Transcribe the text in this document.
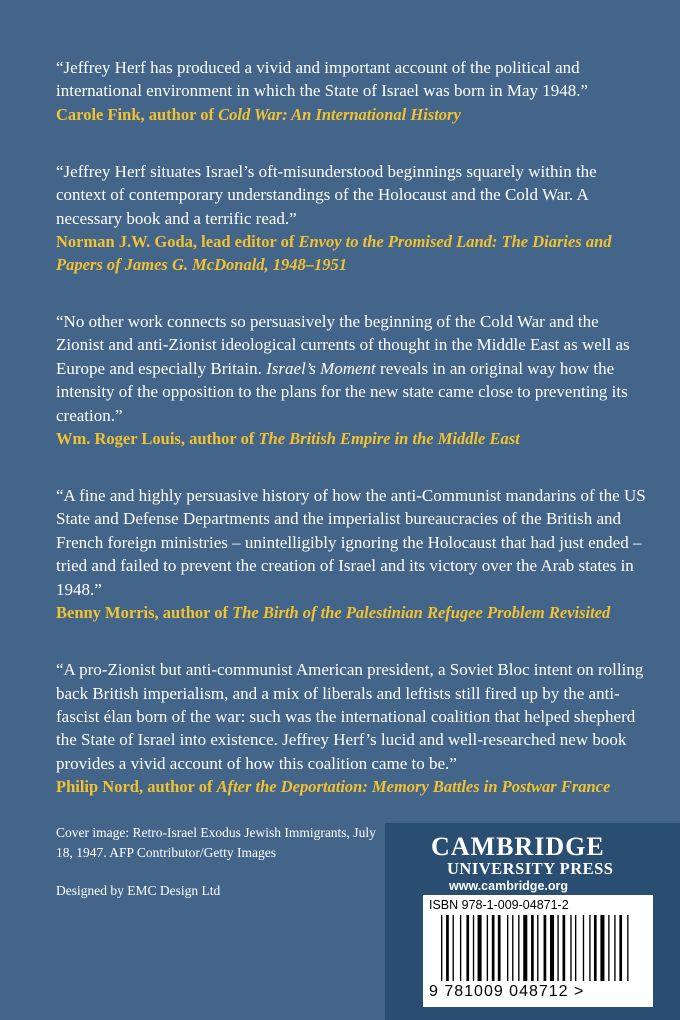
“Jeffrey Herf has produced a vivid and important account of the political and international environment in which the State of Israel was born in May 1948.”

Carole Fink, author of Cold War: An International History

“Jeffrey Herf situates Israel’s oft-misunderstood beginnings squarely within the context of contemporary understandings of the Holocaust and the Cold War. A necessary book and a terrific read.”

Norman J.W. Goda, lead editor of Envoy to the Promised Land: The Diaries and Papers of James G. McDonald, 1948–1951

“No other work connects so persuasively the beginning of the Cold War and the Zionist and anti-Zionist ideological currents of thought in the Middle East as well as Europe and especially Britain. Israel’s Moment reveals in an original way how the intensity of the opposition to the plans for the new state came close to preventing its creation.”

Wm. Roger Louis, author of The British Empire in the Middle East

“A fine and highly persuasive history of how the anti-Communist mandarins of the US State and Defense Departments and the imperialist bureaucracies of the British and French foreign ministries – unintelligibly ignoring the Holocaust that had just ended – tried and failed to prevent the creation of Israel and its victory over the Arab states in 1948.”

Benny Morris, author of The Birth of the Palestinian Refugee Problem Revisited

“A pro-Zionist but anti-communist American president, a Soviet Bloc intent on rolling back British imperialism, and a mix of liberals and leftists still fired up by the anti-fascist élan born of the war: such was the international coalition that helped shepherd the State of Israel into existence. Jeffrey Herf’s lucid and well-researched new book provides a vivid account of how this coalition came to be.”

Philip Nord, author of After the Deportation: Memory Battles in Postwar France

Cover image: Retro-Israel Exodus Jewish Immigrants, July 18, 1947. AFP Contributor/Getty Images

Designed by EMC Design Ltd

CAMBRIDGE
UNIVERSITY PRESS
www.cambridge.org
ISBN 978-1-009-04871-2
9 781009 048712 >
